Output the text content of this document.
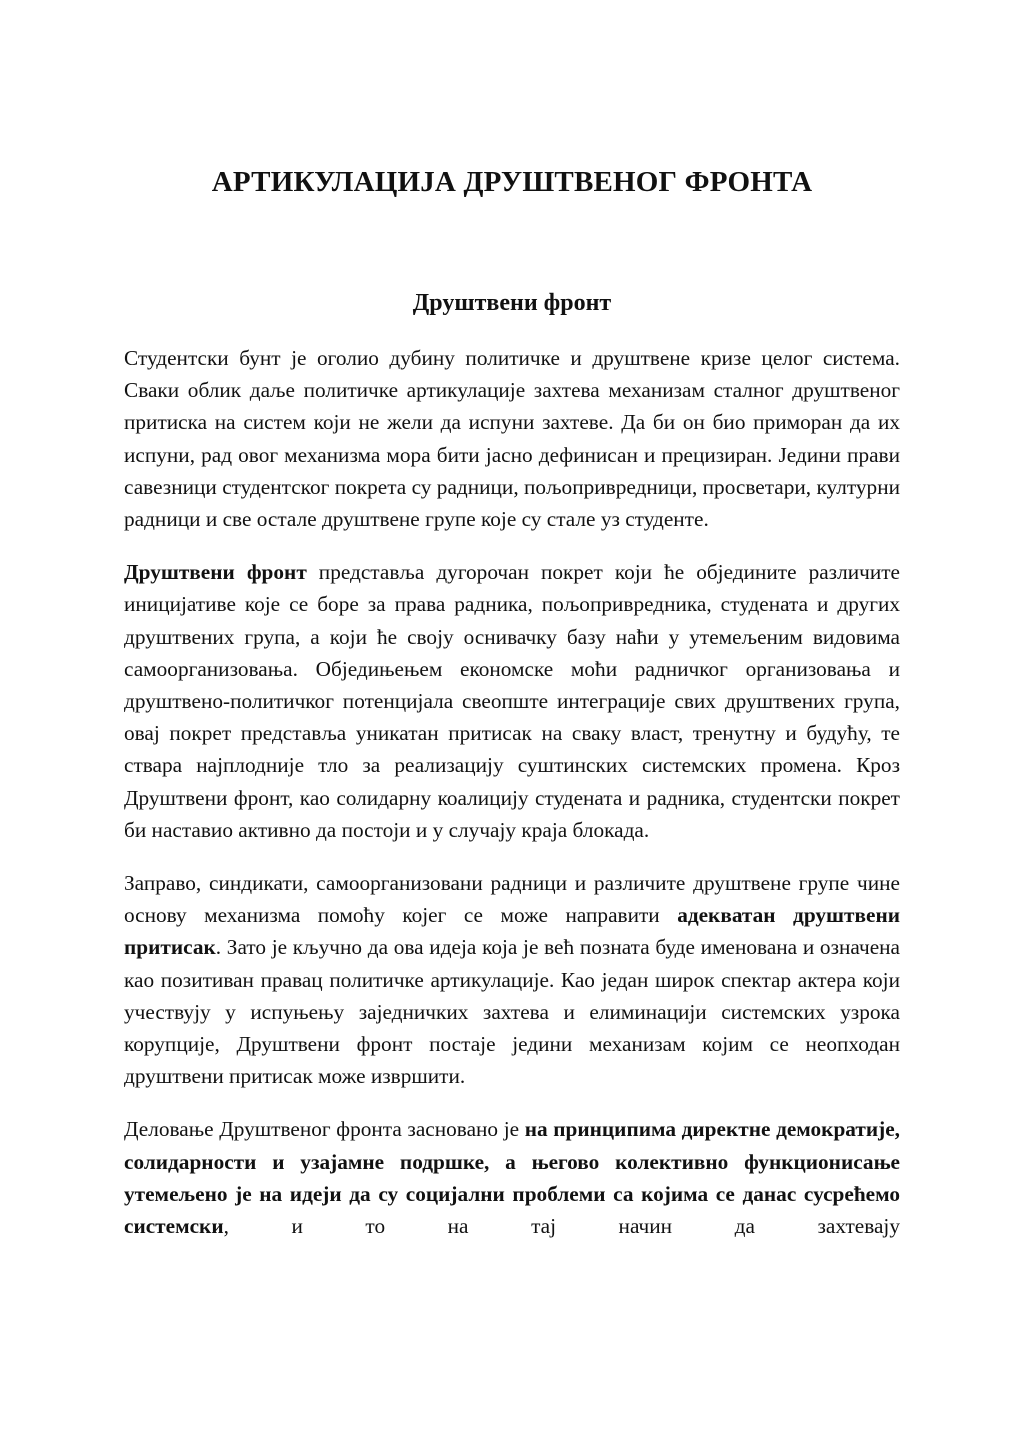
АРТИКУЛАЦИЈА ДРУШТВЕНОГ ФРОНТА
Друштвени фронт

Студентски бунт је оголио дубину политичке и друштвене кризе целог система. Сваки облик даље политичке артикулације захтева механизам сталног друштвеног притиска на систем који не жели да испуни захтеве. Да би он био приморан да их испуни, рад овог механизма мора бити јасно дефинисан и прецизиран. Једини прави савезници студентског покрета су радници, пољопривредници, просветари, културни радници и све остале друштвене групе које су стале уз студенте.

Друштвени фронт представља дугорочан покрет који ће обједините различите иницијативе које се боре за права радника, пољопривредника, студената и других друштвених група, а који ће своју оснивачку базу наћи у утемељеним видовима самоорганизовања. Обједињењем економске моћи радничког организовања и друштвено-политичког потенцијала свеопште интеграције свих друштвених група, овај покрет представља уникатан притисак на сваку власт, тренутну и будућу, те ствара најплодније тло за реализацију суштинских системских промена. Кроз Друштвени фронт, као солидарну коалицију студената и радника, студентски покрет би наставио активно да постоји и у случају краја блокада.

Заправо, синдикати, самоорганизовани радници и различите друштвене групе чине основу механизма помоћу којег се може направити адекватан друштвени притисак. Зато је кључно да ова идеја која је већ позната буде именована и означена као позитиван правац политичке артикулације. Као један широк спектар актера који учествују у испуњењу заједничких захтева и елиминацији системских узрока корупције, Друштвени фронт постаје једини механизам којим се неопходан друштвени притисак може извршити.

Деловање Друштвеног фронта засновано је на принципима директне демократије, солидарности и узајамне подршке, а његово колективно функционисање утемељено је на идеји да су социјални проблеми са којима се данас сусрећемо системски, и то на тај начин да захтевају
